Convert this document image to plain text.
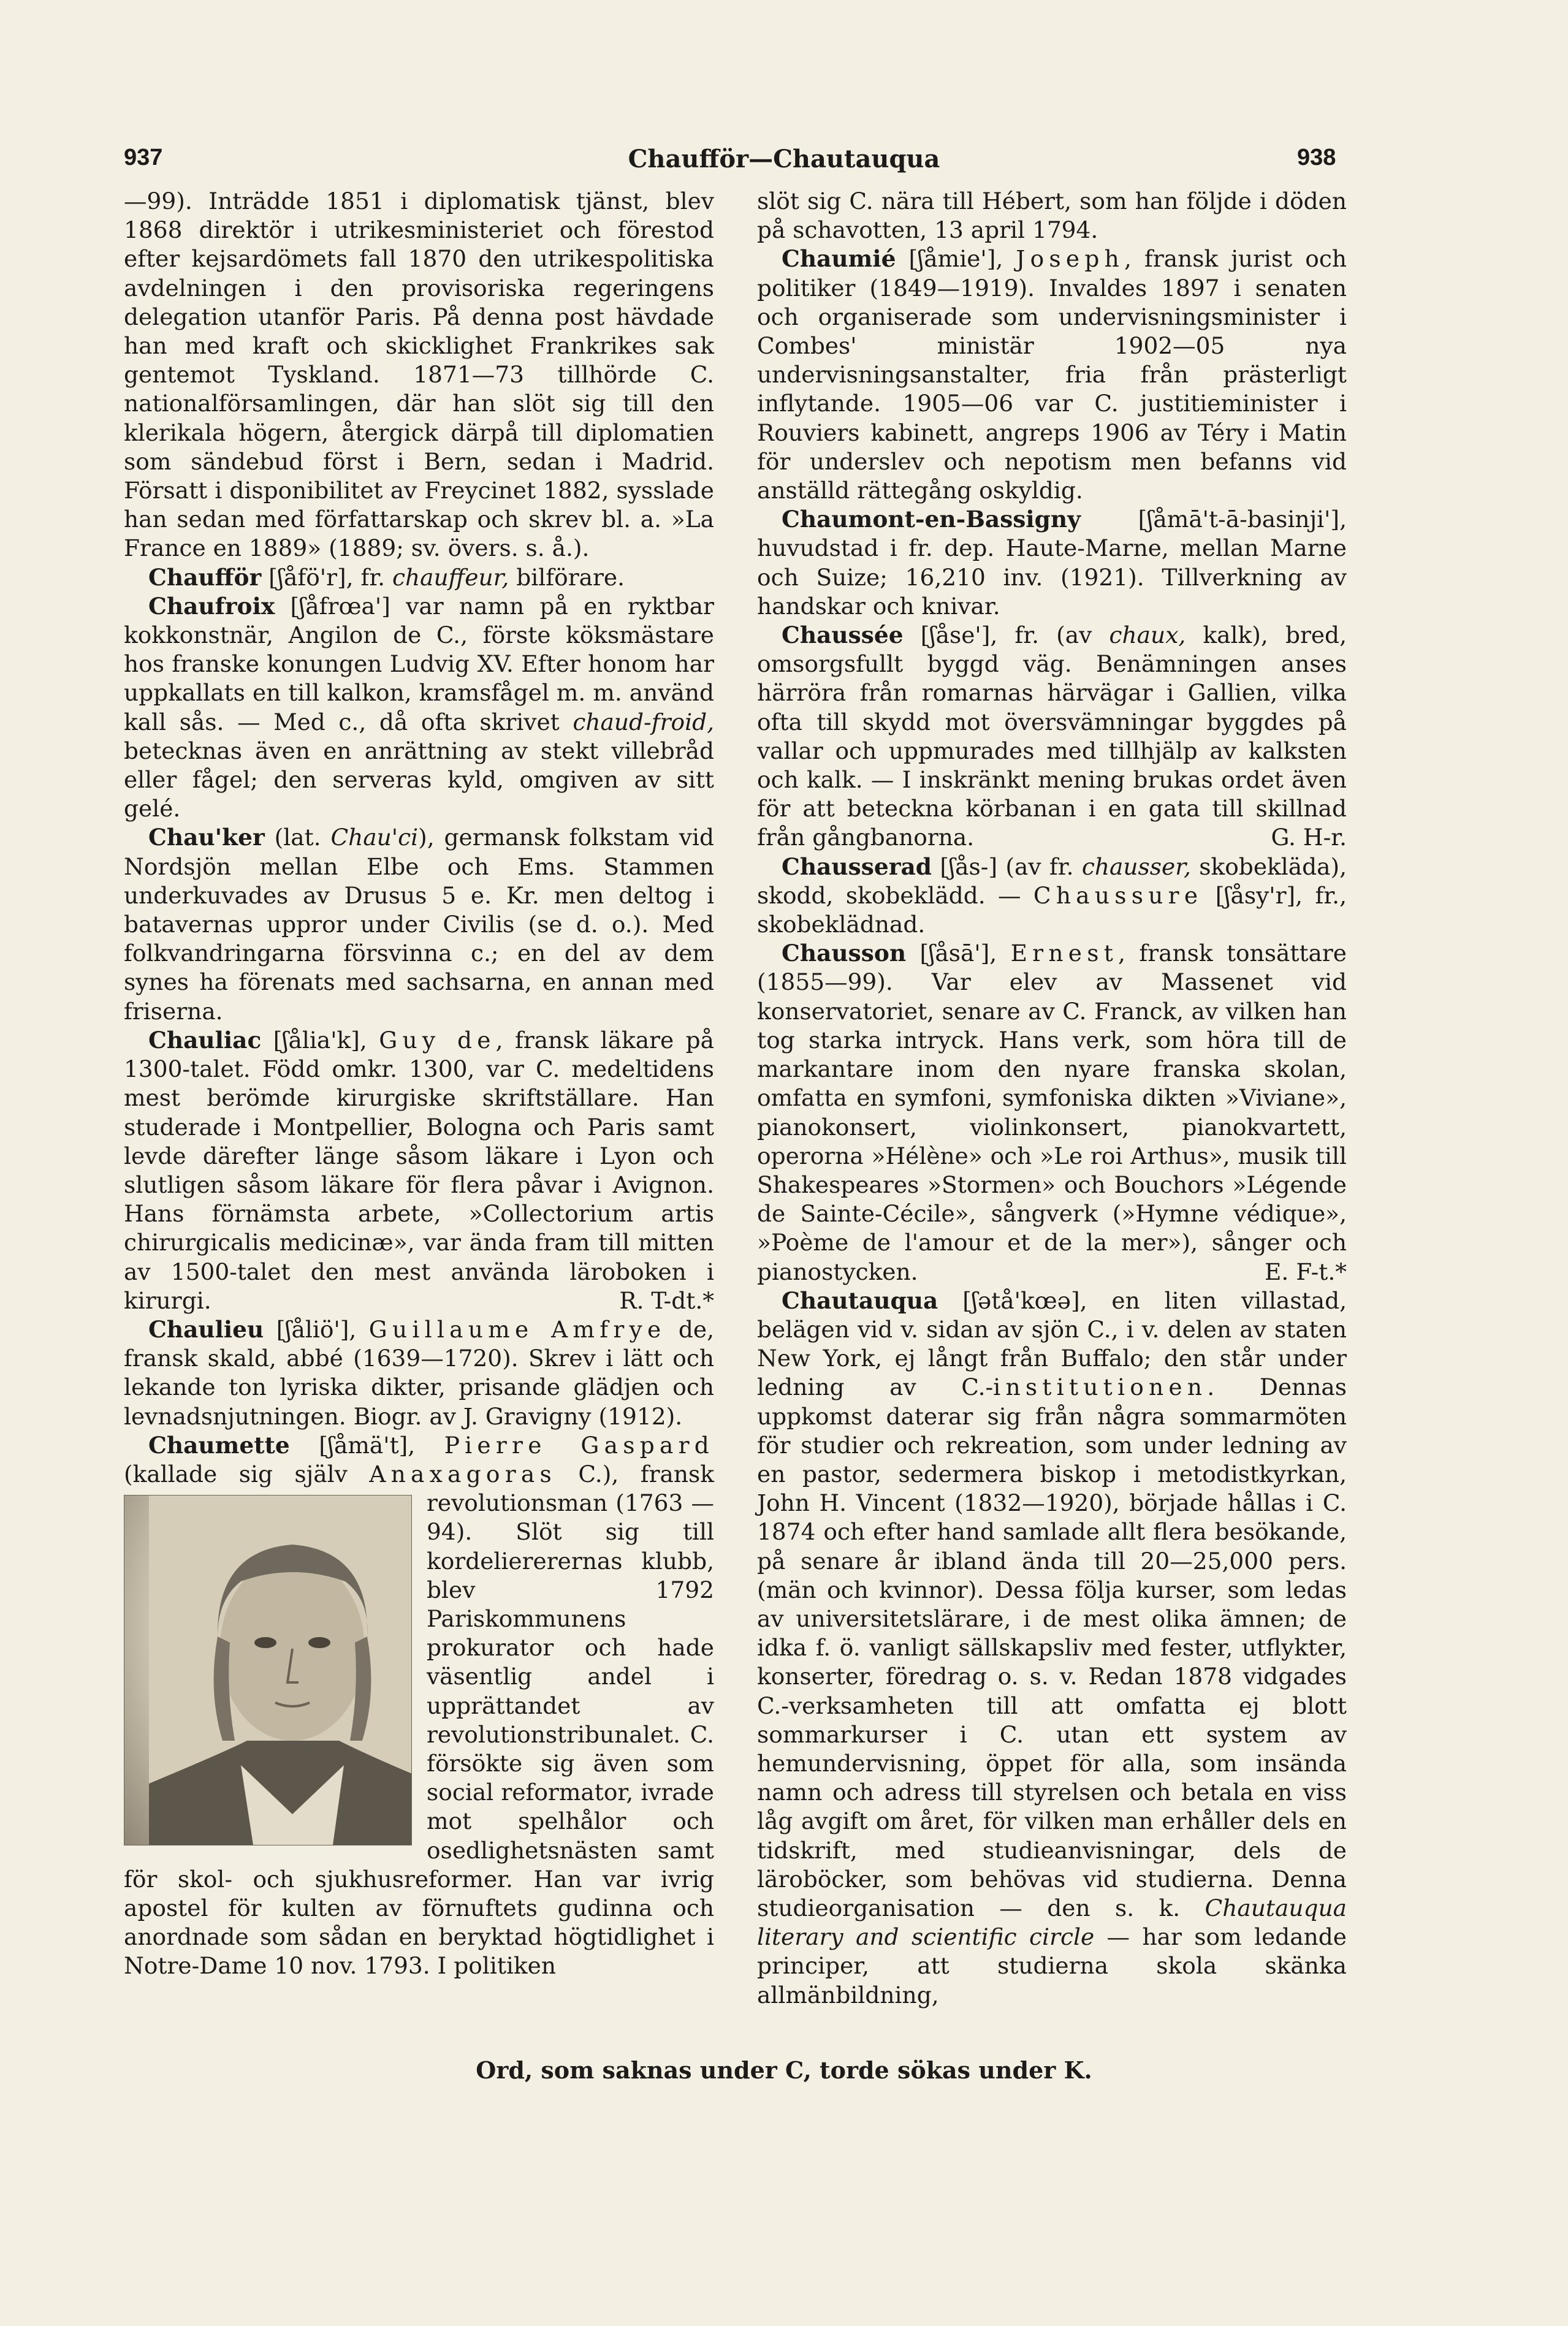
937	Chaufför—Chautauqua	938

—99). Inträdde 1851 i diplomatisk tjänst, blev 1868 direktör i utrikesministeriet och förestod efter kejsardömets fall 1870 den utrikespolitiska avdelningen i den provisoriska regeringens delegation utanför Paris. På denna post hävdade han med kraft och skicklighet Frankrikes sak gentemot Tyskland. 1871—73 tillhörde C. nationalförsamlingen, där han slöt sig till den klerikala högern, återgick därpå till diplomatien som sändebud först i Bern, sedan i Madrid. Försatt i disponibilitet av Freycinet 1882, sysslade han sedan med författarskap och skrev bl. a. »La France en 1889» (1889; sv. övers. s. å.).

Chaufför [ʃåfö'r], fr. chauffeur, bilförare.

Chaufroix [ʃåfrœa'] var namn på en ryktbar kokkonstnär, Angilon de C., förste köksmästare hos franske konungen Ludvig XV. Efter honom har uppkallats en till kalkon, kramsfågel m. m. använd kall sås. — Med c., då ofta skrivet chaud-froid, betecknas även en anrättning av stekt villebråd eller fågel; den serveras kyld, omgiven av sitt gelé.

Chau'ker (lat. Chau'ci), germansk folkstam vid Nordsjön mellan Elbe och Ems. Stammen underkuvades av Drusus 5 e. Kr. men deltog i batavernas uppror under Civilis (se d. o.). Med folkvandringarna försvinna c.; en del av dem synes ha förenats med sachsarna, en annan med friserna.

Chauliac [ʃålia'k], Guy de, fransk läkare på 1300-talet. Född omkr. 1300, var C. medeltidens mest berömde kirurgiske skriftställare. Han studerade i Montpellier, Bologna och Paris samt levde därefter länge såsom läkare i Lyon och slutligen såsom läkare för flera påvar i Avignon. Hans förnämsta arbete, »Collectorium artis chirurgicalis medicinæ», var ända fram till mitten av 1500-talet den mest använda läroboken i kirurgi.	R. T-dt.*

Chaulieu [ʃåliö'], Guillaume Amfrye de, fransk skald, abbé (1639—1720). Skrev i lätt och lekande ton lyriska dikter, prisande glädjen och levnadsnjutningen. Biogr. av J. Gravigny (1912).

Chaumette [ʃåmä't], Pierre Gaspard (kallade sig själv Anaxagoras
C.), fransk revolutionsman (1763 —94). Slöt sig till kordeliererernas klubb, blev 1792 Pariskommunens prokurator och hade väsentlig andel i upprättandet av revolutionstribunalet. C. försökte sig även som social reformator, ivrade mot spelhålor och osedlighetsnästen samt för skol- och sjukhusreformer. Han var ivrig apostel för kulten av förnuftets gudinna och anordnade som sådan en beryktad högtidlighet i Notre-Dame 10 nov. 1793. I politiken

slöt sig C. nära till Hébert, som han följde i döden på schavotten, 13 april 1794.

Chaumié [ʃåmie'], Joseph, fransk jurist och politiker (1849—1919). Invaldes 1897 i senaten och organiserade som undervisningsminister i Combes' ministär 1902—05 nya undervisningsanstalter, fria från prästerligt inflytande. 1905—06 var C. justitieminister i Rouviers kabinett, angreps 1906 av Téry i Matin för underslev och nepotism men befanns vid anställd rättegång oskyldig.

Chaumont-en-Bassigny [ʃåmā't-ā-basinji'], huvudstad i fr. dep. Haute-Marne, mellan Marne och Suize; 16,210 inv. (1921). Tillverkning av handskar och knivar.

Chaussée [ʃåse'], fr. (av chaux, kalk), bred, omsorgsfullt byggd väg. Benämningen anses härröra från romarnas härvägar i Gallien, vilka ofta till skydd mot översvämningar byggdes på vallar och uppmurades med tillhjälp av kalksten och kalk. — I inskränkt mening brukas ordet även för att beteckna körbanan i en gata till skillnad från gångbanorna.	G. H-r.

Chausserad [ʃås-] (av fr. chausser, skobekläda), skodd, skobeklädd. — Chaussure [ʃåsy'r], fr., skobeklädnad.

Chausson [ʃåsā'], Ernest, fransk tonsättare (1855—99). Var elev av Massenet vid konservatoriet, senare av C. Franck, av vilken han tog starka intryck. Hans verk, som höra till de markantare inom den nyare franska skolan, omfatta en symfoni, symfoniska dikten »Viviane», pianokonsert, violinkonsert, pianokvartett, operorna »Hélène» och »Le roi Arthus», musik till Shakespeares »Stormen» och Bouchors »Légende de Sainte-Cécile», sångverk (»Hymne védique», »Poème de l'amour et de la mer»), sånger och pianostycken.	E. F-t.*

Chautauqua [ʃətå'kœə], en liten villastad, belägen vid v. sidan av sjön C., i v. delen av staten New York, ej långt från Buffalo; den står under ledning av C.-institutionen. Dennas uppkomst daterar sig från några sommarmöten för studier och rekreation, som under ledning av en pastor, sedermera biskop i metodistkyrkan, John H. Vincent (1832—1920), började hållas i C. 1874 och efter hand samlade allt flera besökande, på senare år ibland ända till 20—25,000 pers. (män och kvinnor). Dessa följa kurser, som ledas av universitetslärare, i de mest olika ämnen; de idka f. ö. vanligt sällskapsliv med fester, utflykter, konserter, föredrag o. s. v. Redan 1878 vidgades C.-verksamheten till att omfatta ej blott sommarkurser i C. utan ett system av hemundervisning, öppet för alla, som insända namn och adress till styrelsen och betala en viss låg avgift om året, för vilken man erhåller dels en tidskrift, med studieanvisningar, dels de läroböcker, som behövas vid studierna. Denna studieorganisation — den s. k. Chautauqua literary and scientific circle — har som ledande principer, att studierna skola skänka allmänbildning,

Ord, som saknas under C, torde sökas under K.
